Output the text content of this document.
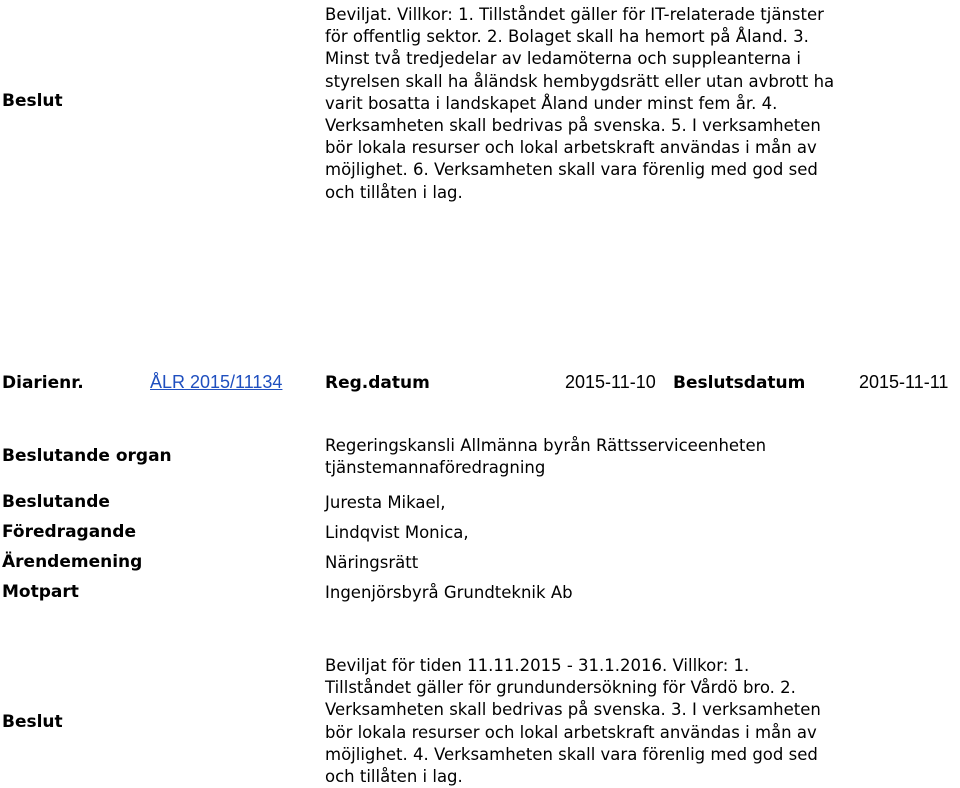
Beslut
Beviljat. Villkor: 1. Tillståndet gäller för IT-relaterade tjänster
för offentlig sektor. 2. Bolaget skall ha hemort på Åland. 3.
Minst två tredjedelar av ledamöterna och suppleanterna i
styrelsen skall ha åländsk hembygdsrätt eller utan avbrott ha
varit bosatta i landskapet Åland under minst fem år. 4.
Verksamheten skall bedrivas på svenska. 5. I verksamheten
bör lokala resurser och lokal arbetskraft användas i mån av
möjlighet. 6. Verksamheten skall vara förenlig med god sed
och tillåten i lag.
Diarienr.	ÅLR 2015/11134	Reg.datum	2015-11-10 Beslutsdatum	2015-11-11
Beslutande organ
Regeringskansli Allmänna byrån Rättsserviceenheten
tjänstemannaföredragning
Beslutande	Juresta Mikael,
Föredragande	Lindqvist Monica,
Ärendemening	Näringsrätt
Motpart	Ingenjörsbyrå Grundteknik Ab
Beslut
Beviljat för tiden 11.11.2015 - 31.1.2016. Villkor: 1.
Tillståndet gäller för grundundersökning för Vårdö bro. 2.
Verksamheten skall bedrivas på svenska. 3. I verksamheten
bör lokala resurser och lokal arbetskraft användas i mån av
möjlighet. 4. Verksamheten skall vara förenlig med god sed
och tillåten i lag.
